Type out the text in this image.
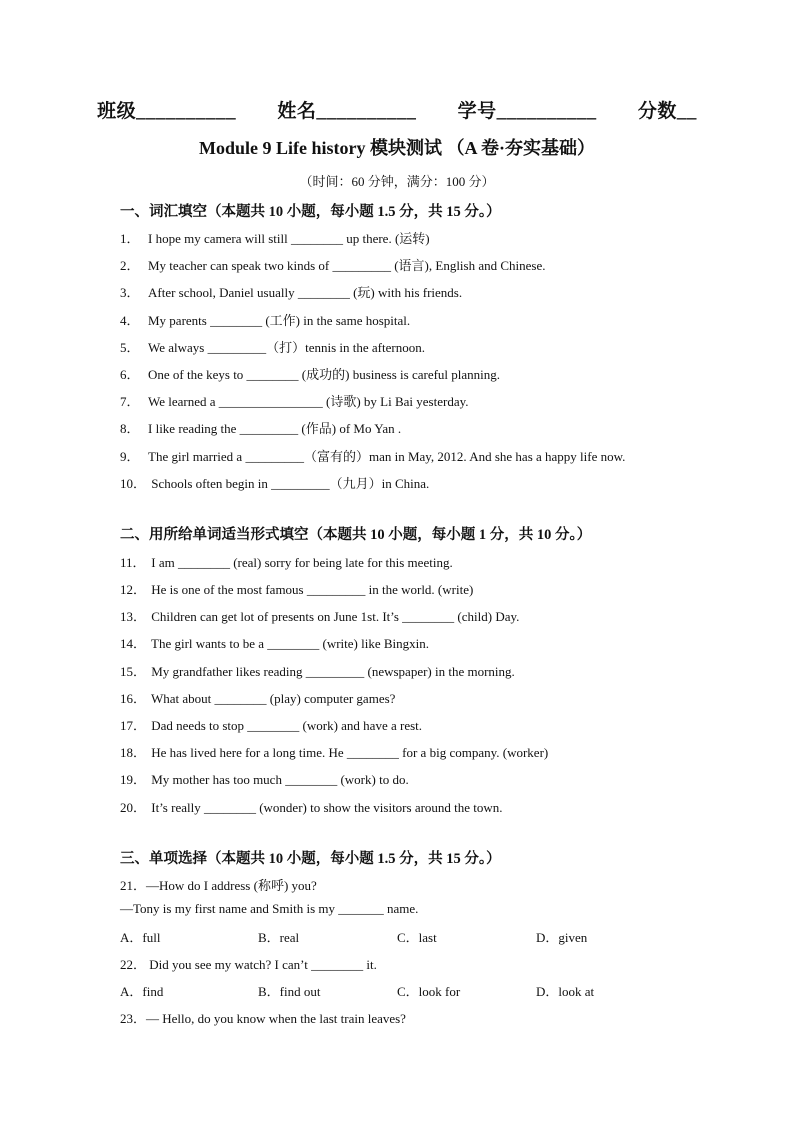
班级__________ 姓名__________ 学号__________ 分数__
Module 9 Life history 模块测试 （A 卷·夯实基础）
（时间：60 分钟，满分：100 分）
一、词汇填空（本题共 10 小题，每小题 1.5 分，共 15 分。）
1． I hope my camera will still ________ up there. (运转)
2． My teacher can speak two kinds of _________ (语言), English and Chinese.
3． After school, Daniel usually ________ (玩) with his friends.
4． My parents ________ (工作) in the same hospital.
5． We always _________（打）tennis in the afternoon.
6． One of the keys to ________ (成功的) business is careful planning.
7． We learned a ________________ (诗歌) by Li Bai yesterday.
8． I like reading the _________ (作品) of Mo Yan .
9． The girl married a _________（富有的）man in May, 2012. And she has a happy life now.
10． Schools often begin in _________（九月）in China.
二、用所给单词适当形式填空（本题共 10 小题，每小题 1 分，共 10 分。）
11． I am ________ (real) sorry for being late for this meeting.
12． He is one of the most famous _________ in the world. (write)
13． Children can get lot of presents on June 1st. It’s ________ (child) Day.
14． The girl wants to be a ________ (write) like Bingxin.
15． My grandfather likes reading _________ (newspaper) in the morning.
16． What about ________ (play) computer games?
17． Dad needs to stop ________ (work) and have a rest.
18． He has lived here for a long time. He ________ for a big company. (worker)
19． My mother has too much ________ (work) to do.
20． It’s really ________ (wonder) to show the visitors around the town.
三、单项选择（本题共 10 小题，每小题 1.5 分，共 15 分。）
21．—How do I address (称呼) you?
—Tony is my first name and Smith is my _______ name.
A．full	B．real	C．last	D．given
22． Did you see my watch? I can’t ________ it.
A．find	B．find out	C．look for	D．look at
23．— Hello, do you know when the last train leaves?
